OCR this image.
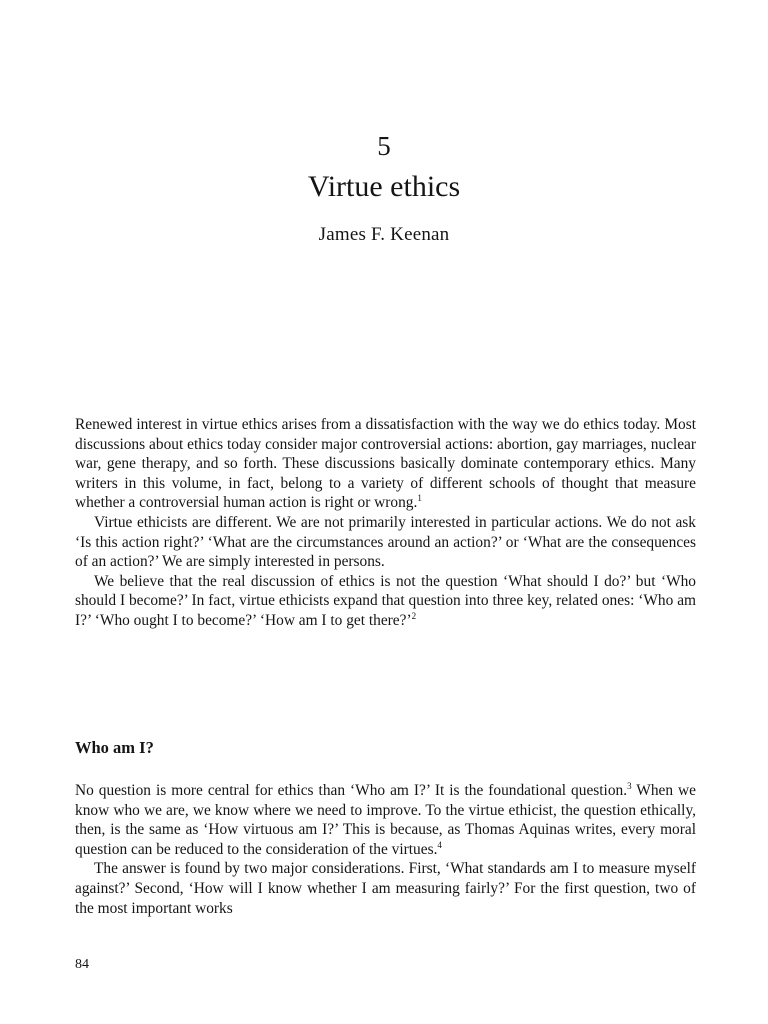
5
Virtue ethics
James F. Keenan

Renewed interest in virtue ethics arises from a dissatisfaction with the way we do ethics today. Most discussions about ethics today consider major controversial actions: abortion, gay marriages, nuclear war, gene therapy, and so forth. These discussions basically dominate contemporary ethics. Many writers in this volume, in fact, belong to a variety of different schools of thought that measure whether a controversial human action is right or wrong.$^1$

Virtue ethicists are different. We are not primarily interested in particular actions. We do not ask ‘Is this action right?’ ‘What are the circumstances around an action?’ or ‘What are the consequences of an action?’ We are simply interested in persons.

We believe that the real discussion of ethics is not the question ‘What should I do?’ but ‘Who should I become?’ In fact, virtue ethicists expand that question into three key, related ones: ‘Who am I?’ ‘Who ought I to become?’ ‘How am I to get there?’$^2$

Who am I?

No question is more central for ethics than ‘Who am I?’ It is the foundational question.$^3$ When we know who we are, we know where we need to improve. To the virtue ethicist, the question ethically, then, is the same as ‘How virtuous am I?’ This is because, as Thomas Aquinas writes, every moral question can be reduced to the consideration of the virtues.$^4$

The answer is found by two major considerations. First, ‘What standards am I to measure myself against?’ Second, ‘How will I know whether I am measuring fairly?’ For the first question, two of the most important works

84
